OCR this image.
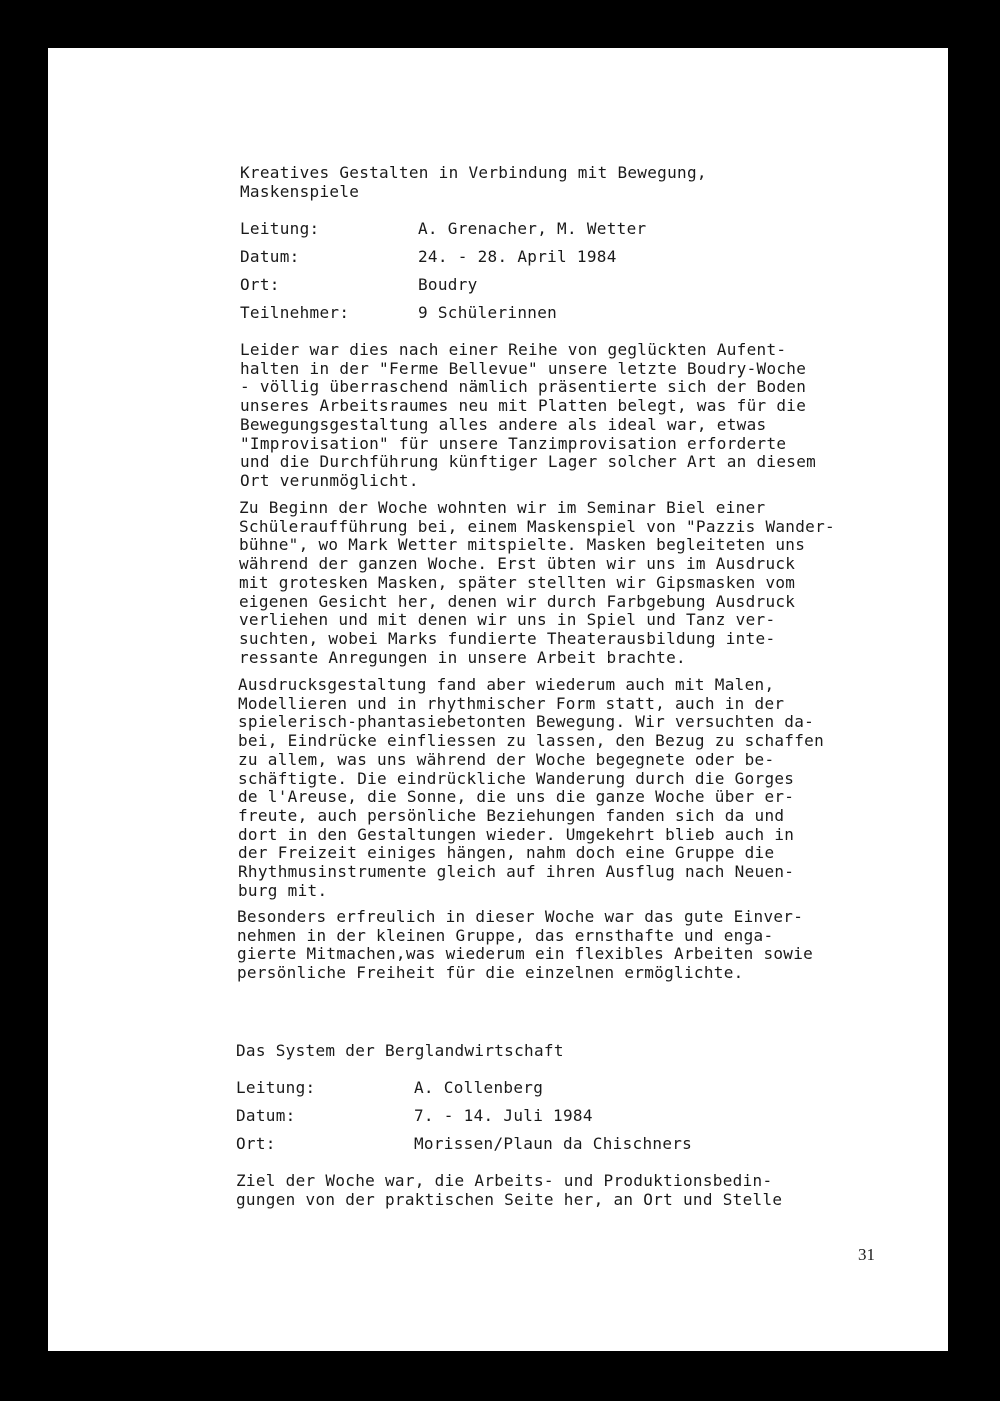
Kreatives Gestalten in Verbindung mit Bewegung,
Maskenspiele
Leitung:	A. Grenacher, M. Wetter
Datum:	24. - 28. April 1984
Ort:	Boudry
Teilnehmer:	9 Schülerinnen
Leider war dies nach einer Reihe von geglückten Aufent-
halten in der "Ferme Bellevue" unsere letzte Boudry-Woche
- völlig überraschend nämlich präsentierte sich der Boden
unseres Arbeitsraumes neu mit Platten belegt, was für die
Bewegungsgestaltung alles andere als ideal war, etwas
"Improvisation" für unsere Tanzimprovisation erforderte
und die Durchführung künftiger Lager solcher Art an diesem
Ort verunmöglicht.
Zu Beginn der Woche wohnten wir im Seminar Biel einer
Schüleraufführung bei, einem Maskenspiel von "Pazzis Wander-
bühne", wo Mark Wetter mitspielte. Masken begleiteten uns
während der ganzen Woche. Erst übten wir uns im Ausdruck
mit grotesken Masken, später stellten wir Gipsmasken vom
eigenen Gesicht her, denen wir durch Farbgebung Ausdruck
verliehen und mit denen wir uns in Spiel und Tanz ver-
suchten, wobei Marks fundierte Theaterausbildung inte-
ressante Anregungen in unsere Arbeit brachte.
Ausdrucksgestaltung fand aber wiederum auch mit Malen,
Modellieren und in rhythmischer Form statt, auch in der
spielerisch-phantasiebetonten Bewegung. Wir versuchten da-
bei, Eindrücke einfliessen zu lassen, den Bezug zu schaffen
zu allem, was uns während der Woche begegnete oder be-
schäftigte. Die eindrückliche Wanderung durch die Gorges
de l'Areuse, die Sonne, die uns die ganze Woche über er-
freute, auch persönliche Beziehungen fanden sich da und
dort in den Gestaltungen wieder. Umgekehrt blieb auch in
der Freizeit einiges hängen, nahm doch eine Gruppe die
Rhythmusinstrumente gleich auf ihren Ausflug nach Neuen-
burg mit.
Besonders erfreulich in dieser Woche war das gute Einver-
nehmen in der kleinen Gruppe, das ernsthafte und enga-
gierte Mitmachen,was wiederum ein flexibles Arbeiten sowie
persönliche Freiheit für die einzelnen ermöglichte.
Das System der Berglandwirtschaft
Leitung:	A. Collenberg
Datum:	7. - 14. Juli 1984
Ort:	Morissen/Plaun da Chischners
Ziel der Woche war, die Arbeits- und Produktionsbedin-
gungen von der praktischen Seite her, an Ort und Stelle
31
